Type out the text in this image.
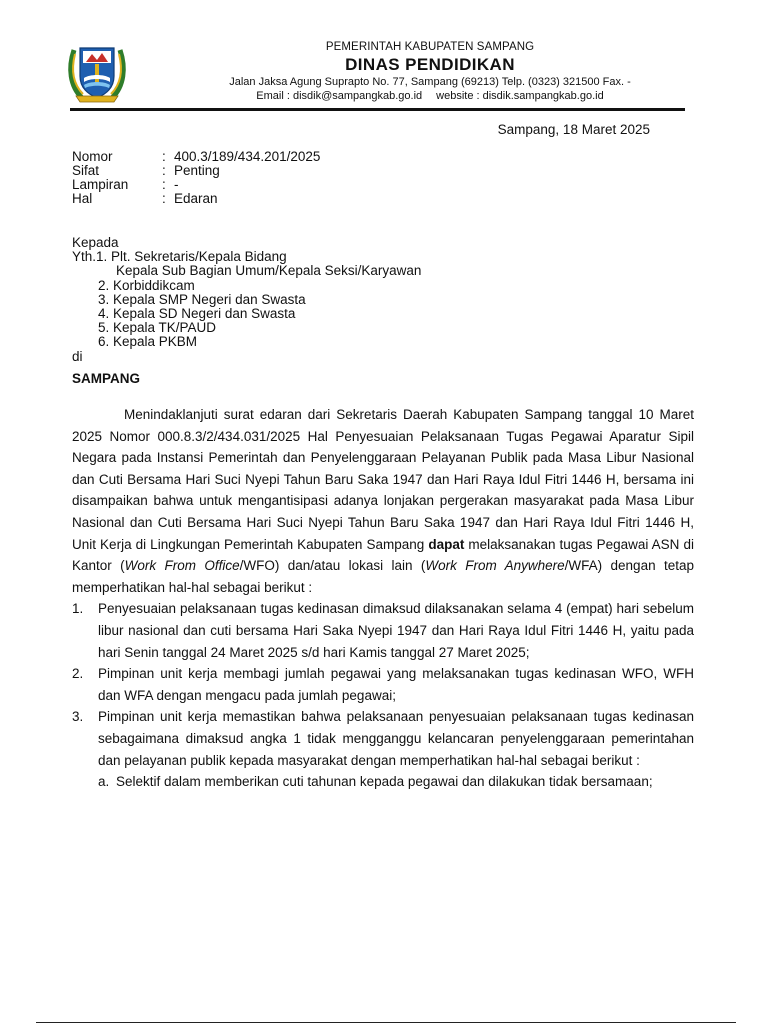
PEMERINTAH KABUPATEN SAMPANG
DINAS PENDIDIKAN
Jalan Jaksa Agung Suprapto No. 77, Sampang (69213) Telp. (0323) 321500 Fax. -
Email : disdik@sampangkab.go.id website : disdik.sampangkab.go.id
Sampang, 18 Maret 2025
Nomor	: 400.3/189/434.201/2025
Sifat	: Penting
Lampiran	: -
Hal	: Edaran
Kepada
Yth.1. Plt. Sekretaris/Kepala Bidang
Kepala Sub Bagian Umum/Kepala Seksi/Karyawan
2. Korbiddikcam
3. Kepala SMP Negeri dan Swasta
4. Kepala SD Negeri dan Swasta
5. Kepala TK/PAUD
6. Kepala PKBM
di
SAMPANG
Menindaklanjuti surat edaran dari Sekretaris Daerah Kabupaten Sampang tanggal 10 Maret 2025 Nomor 000.8.3/2/434.031/2025 Hal Penyesuaian Pelaksanaan Tugas Pegawai Aparatur Sipil Negara pada Instansi Pemerintah dan Penyelenggaraan Pelayanan Publik pada Masa Libur Nasional dan Cuti Bersama Hari Suci Nyepi Tahun Baru Saka 1947 dan Hari Raya Idul Fitri 1446 H, bersama ini disampaikan bahwa untuk mengantisipasi adanya lonjakan pergerakan masyarakat pada Masa Libur Nasional dan Cuti Bersama Hari Suci Nyepi Tahun Baru Saka 1947 dan Hari Raya Idul Fitri 1446 H, Unit Kerja di Lingkungan Pemerintah Kabupaten Sampang dapat melaksanakan tugas Pegawai ASN di Kantor (Work From Office/WFO) dan/atau lokasi lain (Work From Anywhere/WFA) dengan tetap memperhatikan hal-hal sebagai berikut :
1.	Penyesuaian pelaksanaan tugas kedinasan dimaksud dilaksanakan selama 4 (empat) hari sebelum libur nasional dan cuti bersama Hari Saka Nyepi 1947 dan Hari Raya Idul Fitri 1446 H, yaitu pada hari Senin tanggal 24 Maret 2025 s/d hari Kamis tanggal 27 Maret 2025;
2.	Pimpinan unit kerja membagi jumlah pegawai yang melaksanakan tugas kedinasan WFO, WFH dan WFA dengan mengacu pada jumlah pegawai;
3.	Pimpinan unit kerja memastikan bahwa pelaksanaan penyesuaian pelaksanaan tugas kedinasan sebagaimana dimaksud angka 1 tidak mengganggu kelancaran penyelenggaraan pemerintahan dan pelayanan publik kepada masyarakat dengan memperhatikan hal-hal sebagai berikut :
a. Selektif dalam memberikan cuti tahunan kepada pegawai dan dilakukan tidak bersamaan;
